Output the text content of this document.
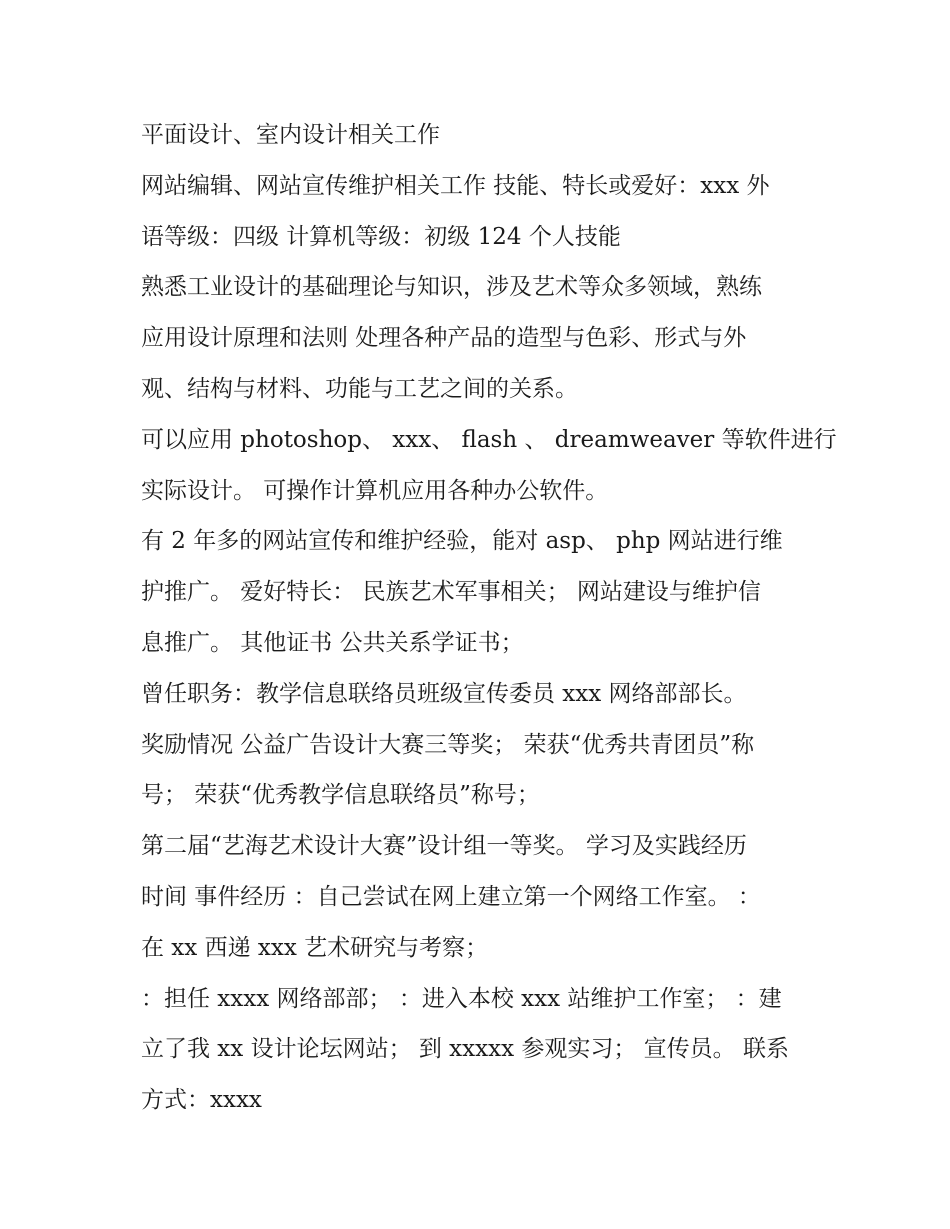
平面设计、室内设计相关工作
网站编辑、网站宣传维护相关工作 技能、特长或爱好：xxx 外
语等级：四级 计算机等级：初级 124 个人技能
熟悉工业设计的基础理论与知识，涉及艺术等众多领域，熟练
应用设计原理和法则 处理各种产品的造型与色彩、形式与外
观、结构与材料、功能与工艺之间的关系。
可以应用 photoshop、 xxx、 flash 、 dreamweaver 等软件进行
实际设计。 可操作计算机应用各种办公软件。
有 2 年多的网站宣传和维护经验，能对 asp、 php 网站进行维
护推广。 爱好特长： 民族艺术军事相关； 网站建设与维护信
息推广。 其他证书 公共关系学证书；
曾任职务：教学信息联络员班级宣传委员 xxx 网络部部长。
奖励情况 公益广告设计大赛三等奖； 荣获“优秀共青团员”称
号； 荣获“优秀教学信息联络员”称号；
第二届“艺海艺术设计大赛”设计组一等奖。 学习及实践经历
时间 事件经历 ：自己尝试在网上建立第一个网络工作室。 ：
在 xx 西递 xxx 艺术研究与考察；
：担任 xxxx 网络部部； ：进入本校 xxx 站维护工作室； ：建
立了我 xx 设计论坛网站； 到 xxxxx 参观实习； 宣传员。 联系
方式：xxxx
